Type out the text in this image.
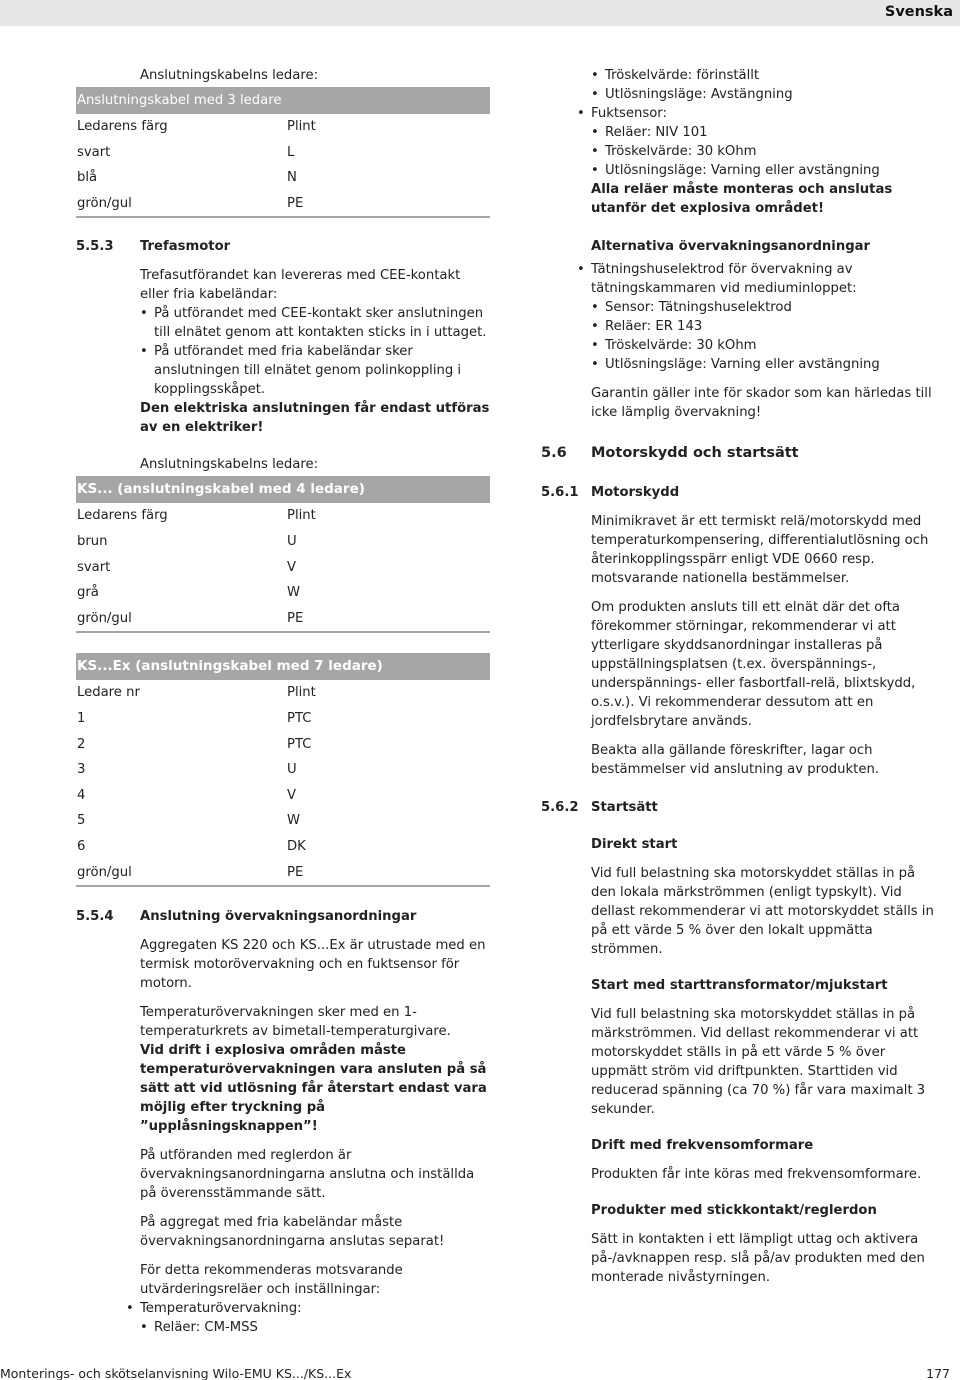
Svenska
Anslutningskabelns ledare:
Anslutningskabel med 3 ledare
Ledarens färg	Plint
svart	L
blå	N
grön/gul	PE
5.5.3	Trefasmotor
Trefasutförandet kan levereras med CEE-kontakt eller fria kabeländar:
• På utförandet med CEE-kontakt sker anslutningen till elnätet genom att kontakten sticks in i uttaget.
• På utförandet med fria kabeländar sker anslutningen till elnätet genom polinkoppling i kopplingsskåpet.
Den elektriska anslutningen får endast utföras av en elektriker!
Anslutningskabelns ledare:
KS... (anslutningskabel med 4 ledare)
Ledarens färg	Plint
brun	U
svart	V
grå	W
grön/gul	PE
KS...Ex (anslutningskabel med 7 ledare)
Ledare nr	Plint
1	PTC
2	PTC
3	U
4	V
5	W
6	DK
grön/gul	PE
5.5.4	Anslutning övervakningsanordningar
Aggregaten KS 220 och KS...Ex är utrustade med en termisk motorövervakning och en fuktsensor för motorn.
Temperaturövervakningen sker med en 1-temperaturkrets av bimetall-temperaturgivare.
Vid drift i explosiva områden måste temperaturövervakningen vara ansluten på så sätt att vid utlösning får återstart endast vara möjlig efter tryckning på ”upplåsningsknappen”!
På utföranden med reglerdon är övervakningsanordningarna anslutna och inställda på överensstämmande sätt.
På aggregat med fria kabeländar måste övervakningsanordningarna anslutas separat!
För detta rekommenderas motsvarande utvärderingsreläer och inställningar:
• Temperaturövervakning:
• Reläer: CM-MSS
• Tröskelvärde: förinställt
• Utlösningsläge: Avstängning
• Fuktsensor:
• Reläer: NIV 101
• Tröskelvärde: 30 kOhm
• Utlösningsläge: Varning eller avstängning
Alla reläer måste monteras och anslutas utanför det explosiva området!
Alternativa övervakningsanordningar
• Tätningshuselektrod för övervakning av tätningskammaren vid mediuminloppet:
• Sensor: Tätningshuselektrod
• Reläer: ER 143
• Tröskelvärde: 30 kOhm
• Utlösningsläge: Varning eller avstängning
Garantin gäller inte för skador som kan härledas till icke lämplig övervakning!
5.6	Motorskydd och startsätt
5.6.1 Motorskydd
Minimikravet är ett termiskt relä/motorskydd med temperaturkompensering, differentialutlösning och återinkopplingsspärr enligt VDE 0660 resp. motsvarande nationella bestämmelser.
Om produkten ansluts till ett elnät där det ofta förekommer störningar, rekommenderar vi att ytterligare skyddsanordningar installeras på uppställningsplatsen (t.ex. överspännings-, underspännings- eller fasbortfall-relä, blixtskydd, o.s.v.). Vi rekommenderar dessutom att en jordfelsbrytare används.
Beakta alla gällande föreskrifter, lagar och bestämmelser vid anslutning av produkten.
5.6.2 Startsätt
Direkt start
Vid full belastning ska motorskyddet ställas in på den lokala märkströmmen (enligt typskylt). Vid dellast rekommenderar vi att motorskyddet ställs in på ett värde 5 % över den lokalt uppmätta strömmen.
Start med starttransformator/mjukstart
Vid full belastning ska motorskyddet ställas in på märkströmmen. Vid dellast rekommenderar vi att motorskyddet ställs in på ett värde 5 % över uppmätt ström vid driftpunkten. Starttiden vid reducerad spänning (ca 70 %) får vara maximalt 3 sekunder.
Drift med frekvensomformare
Produkten får inte köras med frekvensomformare.
Produkter med stickkontakt/reglerdon
Sätt in kontakten i ett lämpligt uttag och aktivera på-/avknappen resp. slå på/av produkten med den monterade nivåstyrningen.
Monterings- och skötselanvisning Wilo-EMU KS.../KS...Ex	177
